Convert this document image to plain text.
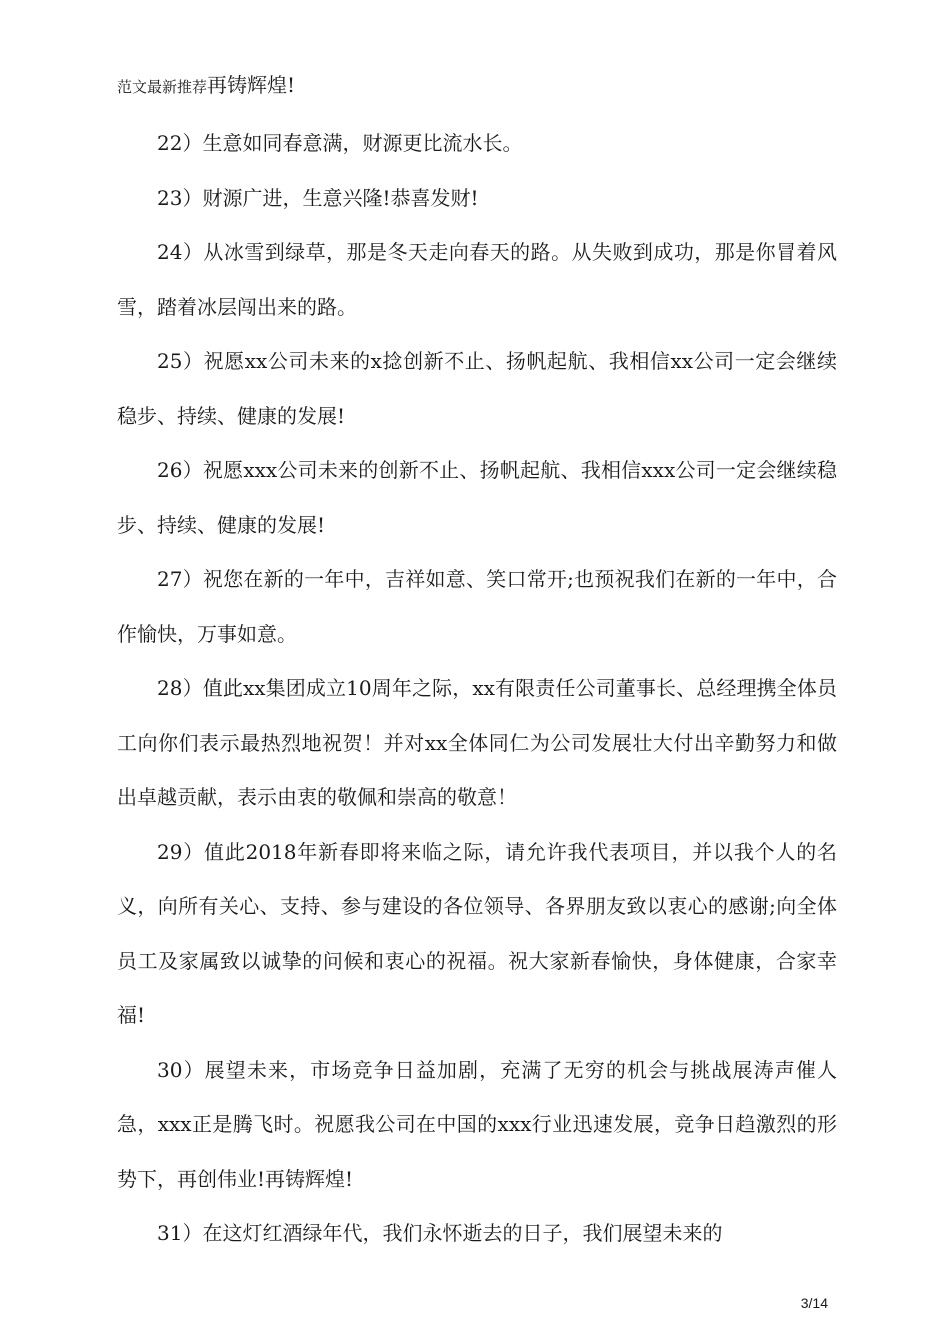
范文最新推荐再铸辉煌!

22）生意如同春意满，财源更比流水长。

23）财源广进，生意兴隆!恭喜发财!

24）从冰雪到绿草，那是冬天走向春天的路。从失败到成功，那是你冒着风雪，踏着冰层闯出来的路。

25）祝愿xx公司未来的x捻创新不止、扬帆起航、我相信xx公司一定会继续稳步、持续、健康的发展!

26）祝愿xxx公司未来的创新不止、扬帆起航、我相信xxx公司一定会继续稳步、持续、健康的发展!

27）祝您在新的一年中，吉祥如意、笑口常开;也预祝我们在新的一年中，合作愉快，万事如意。

28）值此xx集团成立10周年之际，xx有限责任公司董事长、总经理携全体员工向你们表示最热烈地祝贺！并对xx全体同仁为公司发展壮大付出辛勤努力和做出卓越贡献，表示由衷的敬佩和崇高的敬意！

29）值此2018年新春即将来临之际，请允许我代表项目，并以我个人的名义，向所有关心、支持、参与建设的各位领导、各界朋友致以衷心的感谢;向全体员工及家属致以诚挚的问候和衷心的祝福。祝大家新春愉快，身体健康，合家幸福!

30）展望未来，市场竞争日益加剧，充满了无穷的机会与挑战展涛声催人急，xxx正是腾飞时。祝愿我公司在中国的xxx行业迅速发展，竞争日趋激烈的形势下，再创伟业!再铸辉煌!

31）在这灯红酒绿年代，我们永怀逝去的日子，我们展望未来的

3/14
